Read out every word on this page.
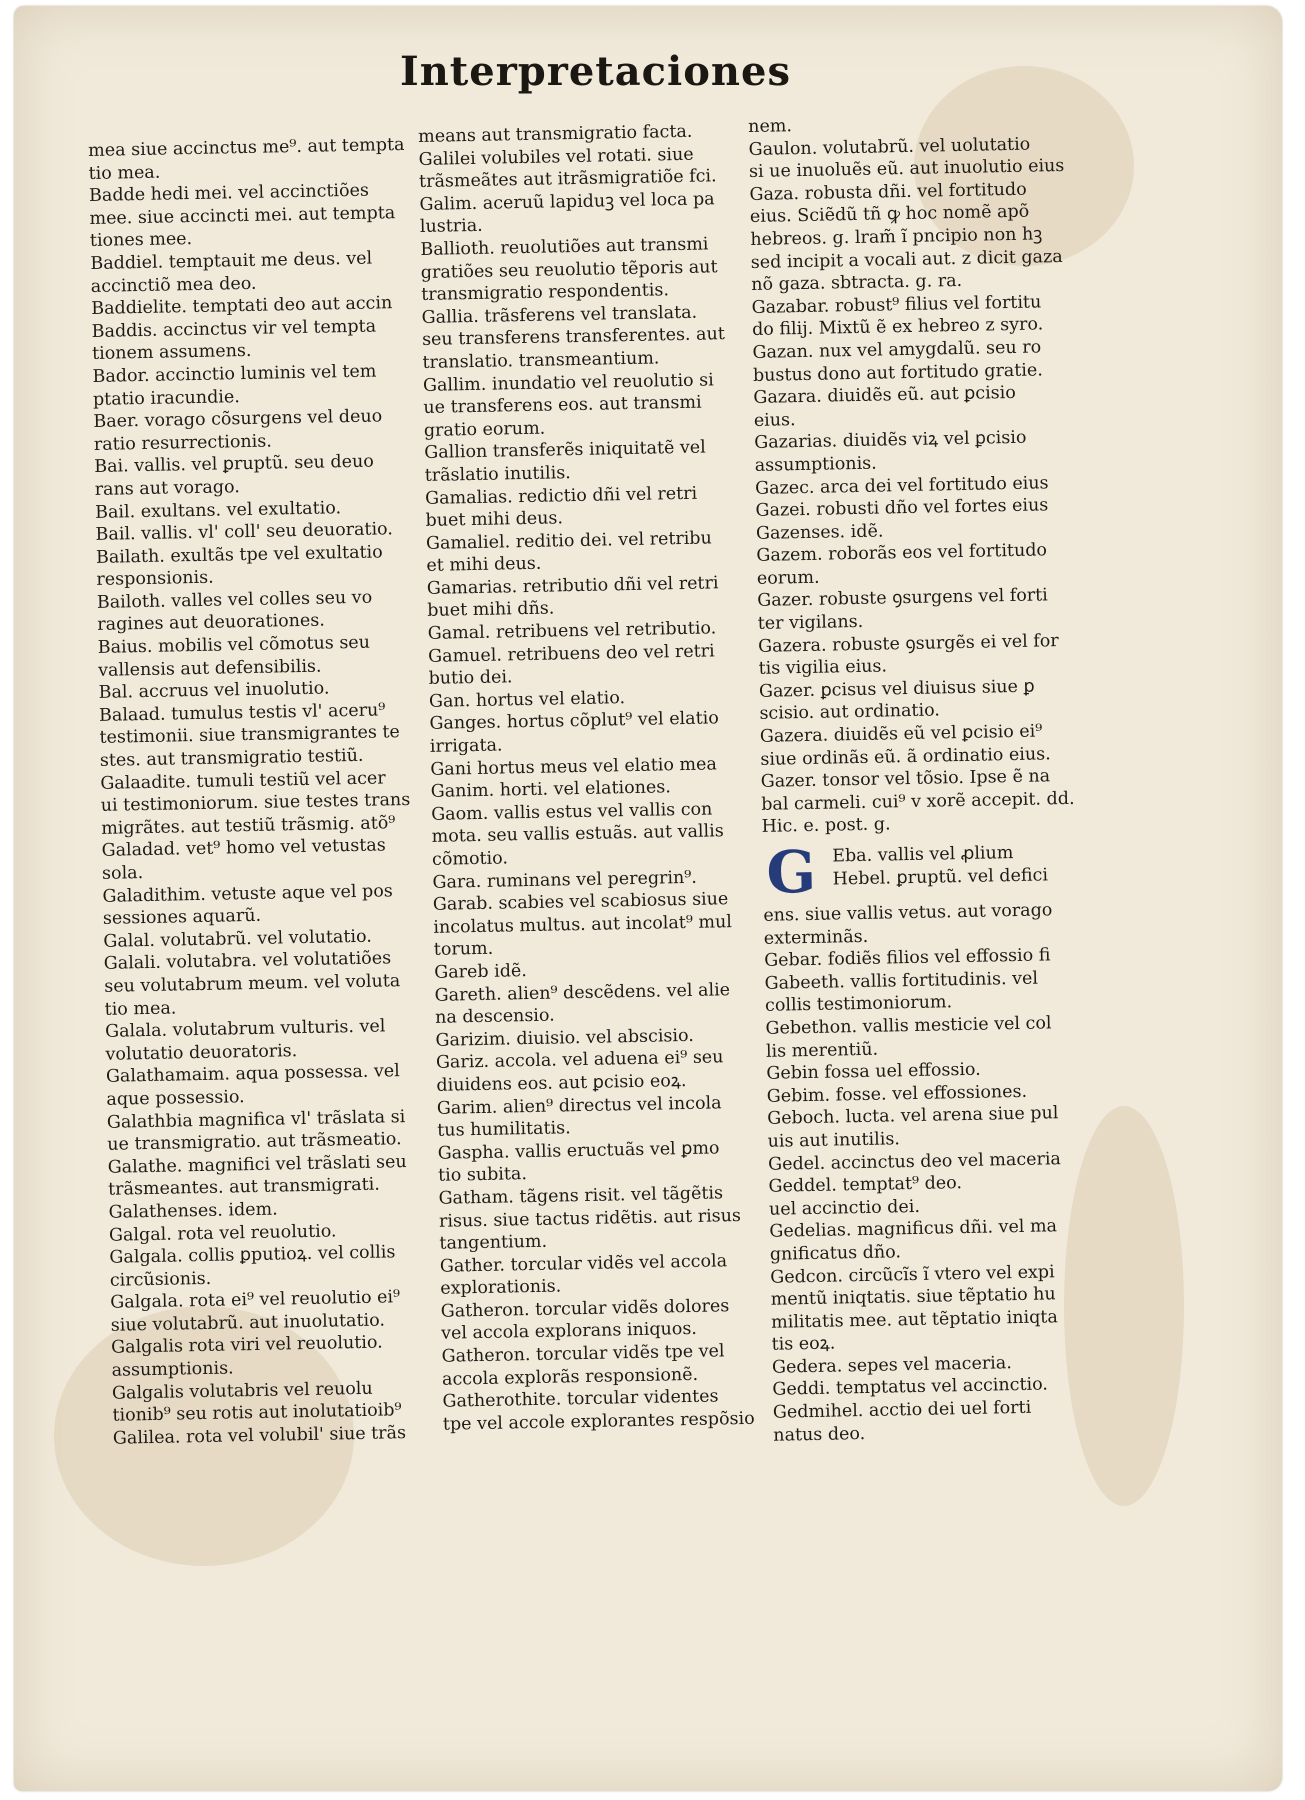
Interpretaciones
mea siue accinctus me⁹. aut tempta
tio mea.
Badde hedi mei. vel accinctiões
mee. siue accincti mei. aut tempta
tiones mee.
Baddiel. temptauit me deus. vel
accinctiõ mea deo.
Baddielite. temptati deo aut accin
Baddis. accinctus vir vel tempta
tionem assumens.
Bador. accinctio luminis vel tem
ptatio iracundie.
Baer. vorago cõsurgens vel deuo
ratio resurrectionis.
Bai. vallis. vel ꝑruptũ. seu deuo
rans aut vorago.
Bail. exultans. vel exultatio.
Bail. vallis. vl' coll' seu deuoratio.
Bailath. exultãs tpe vel exultatio
responsionis.
Bailoth. valles vel colles seu vo
ragines aut deuorationes.
Baius. mobilis vel cõmotus seu
vallensis aut defensibilis.
Bal. accruus vel inuolutio.
Balaad. tumulus testis vl' aceru⁹
testimonii. siue transmigrantes te
stes. aut transmigratio testiũ.
Galaadite. tumuli testiũ vel acer
ui testimoniorum. siue testes trans
migrãtes. aut testiũ trãsmig. atõ⁹
Galadad. vet⁹ homo vel vetustas
sola.
Galadithim. vetuste aque vel pos
sessiones aquarũ.
Galal. volutabrũ. vel volutatio.
Galali. volutabra. vel volutatiões
seu volutabrum meum. vel voluta
tio mea.
Galala. volutabrum vulturis. vel
volutatio deuoratoris.
Galathamaim. aqua possessa. vel
aque possessio.
Galathbia magnifica vl' trãslata si
ue transmigratio. aut trãsmeatio.
Galathe. magnifici vel trãslati seu
trãsmeantes. aut transmigrati.
Galathenses. idem.
Galgal. rota vel reuolutio.
Galgala. collis ꝑputioꝝ. vel collis
circũsionis.
Galgala. rota ei⁹ vel reuolutio ei⁹
siue volutabrũ. aut inuolutatio.
Galgalis rota viri vel reuolutio.
assumptionis.
Galgalis volutabris vel reuolu
tionib⁹ seu rotis aut inolutatioib⁹
Galilea. rota vel volubil' siue trãs
means aut transmigratio facta.
Galilei volubiles vel rotati. siue
trãsmeãtes aut itrãsmigratiõe fci.
Galim. aceruũ lapiduꝫ vel loca pa
lustria.
Ballioth. reuolutiões aut transmi
gratiões seu reuolutio tẽporis aut
transmigratio respondentis.
Gallia. trãsferens vel translata.
seu transferens transferentes. aut
translatio. transmeantium.
Gallim. inundatio vel reuolutio si
ue transferens eos. aut transmi
gratio eorum.
Gallion transferẽs iniquitatẽ vel
trãslatio inutilis.
Gamalias. redictio dñi vel retri
buet mihi deus.
Gamaliel. reditio dei. vel retribu
et mihi deus.
Gamarias. retributio dñi vel retri
buet mihi dñs.
Gamal. retribuens vel retributio.
Gamuel. retribuens deo vel retri
butio dei.
Gan. hortus vel elatio.
Ganges. hortus cõplut⁹ vel elatio
irrigata.
Gani hortus meus vel elatio mea
Ganim. horti. vel elationes.
Gaom. vallis estus vel vallis con
mota. seu vallis estuãs. aut vallis
cõmotio.
Gara. ruminans vel peregrin⁹.
Garab. scabies vel scabiosus siue
incolatus multus. aut incolat⁹ mul
torum.
Gareb idẽ.
Gareth. alien⁹ descẽdens. vel alie
na descensio.
Garizim. diuisio. vel abscisio.
Gariz. accola. vel aduena ei⁹ seu
diuidens eos. aut ꝑcisio eoꝝ.
Garim. alien⁹ directus vel incola
tus humilitatis.
Gaspha. vallis eructuãs vel ꝑmo
tio subita.
Gatham. tãgens risit. vel tãgẽtis
risus. siue tactus ridẽtis. aut risus
tangentium.
Gather. torcular vidẽs vel accola
explorationis.
Gatheron. torcular vidẽs dolores
vel accola explorans iniquos.
Gatheron. torcular vidẽs tpe vel
accola explorãs responsionẽ.
Gatherothite. torcular videntes
tpe vel accole explorantes respõsio
nem.
Gaulon. volutabrũ. vel uolutatio
si ue inuoluẽs eũ. aut inuolutio eius
Gaza. robusta dñi. vel fortitudo
eius. Sciẽdũ tñ ꝙ hoc nomẽ apõ
hebreos. g. lram̃ ĩ pncipio non hꝫ
sed incipit a vocali aut. z dicit gaza
nõ gaza. sbtracta. g. ra.
Gazabar. robust⁹ filius vel fortitu
do filij. Mixtũ ẽ ex hebreo z syro.
Gazan. nux vel amygdalũ. seu ro
bustus dono aut fortitudo gratie.
Gazara. diuidẽs eũ. aut ꝑcisio
eius.
Gazarias. diuidẽs viꝝ vel ꝑcisio
assumptionis.
Gazec. arca dei vel fortitudo eius
Gazei. robusti dño vel fortes eius
Gazenses. idẽ.
Gazem. roborãs eos vel fortitudo
eorum.
Gazer. robuste ꝯsurgens vel forti
ter vigilans.
Gazera. robuste ꝯsurgẽs ei vel for
tis vigilia eius.
Gazer. ꝑcisus vel diuisus siue ꝑ
scisio. aut ordinatio.
Gazera. diuidẽs eũ vel ꝑcisio ei⁹
siue ordinãs eũ. ã ordinatio eius.
Gazer. tonsor vel tõsio. Ipse ẽ na
bal carmeli. cui⁹ v xorẽ accepit. dd.
Hic. e. post. g.
G Eba. vallis vel ꝓlium
Hebel. ꝑruptũ. vel defici
ens. siue vallis vetus. aut vorago
exterminãs.
Gebar. fodiẽs filios vel effossio fi
Gabeeth. vallis fortitudinis. vel
collis testimoniorum.
Gebethon. vallis mesticie vel col
lis merentiũ.
Gebin fossa uel effossio.
Gebim. fosse. vel effossiones.
Geboch. lucta. vel arena siue pul
uis aut inutilis.
Gedel. accinctus deo vel maceria
Geddel. temptat⁹ deo.
uel accinctio dei.
Gedelias. magnificus dñi. vel ma
gnificatus dño.
Gedcon. circũcĩs ĩ vtero vel expi
mentũ iniqtatis. siue tẽptatio hu
militatis mee. aut tẽptatio iniqta
tis eoꝝ.
Gedera. sepes vel maceria.
Geddi. temptatus vel accinctio.
Gedmihel. acctio dei uel forti
natus deo.
